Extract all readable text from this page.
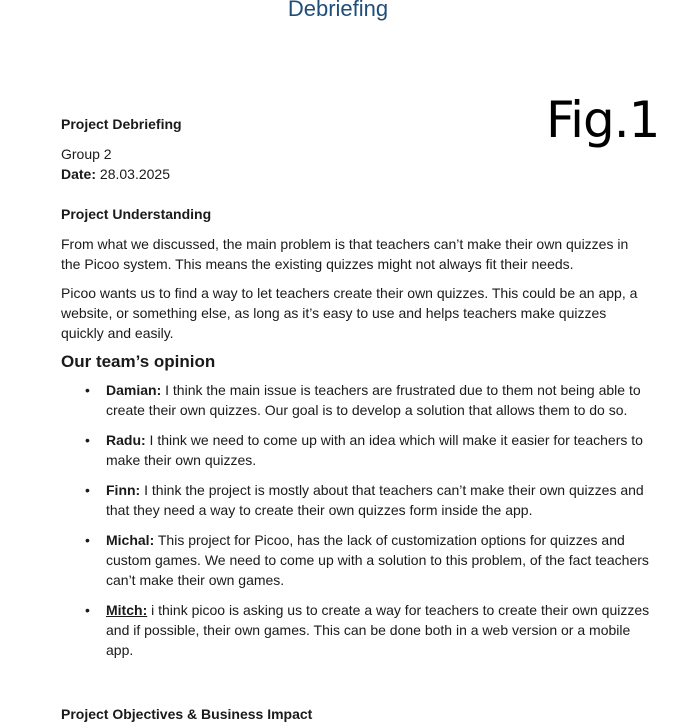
Debriefing
Fig.1

Project Debriefing

Group 2

Date: 28.03.2025

Project Understanding

From what we discussed, the main problem is that teachers can’t make their own quizzes in the Picoo system. This means the existing quizzes might not always fit their needs.

Picoo wants us to find a way to let teachers create their own quizzes. This could be an app, a website, or something else, as long as it’s easy to use and helps teachers make quizzes quickly and easily.

Our team’s opinion

• Damian: I think the main issue is teachers are frustrated due to them not being able to create their own quizzes. Our goal is to develop a solution that allows them to do so.
• Radu: I think we need to come up with an idea which will make it easier for teachers to make their own quizzes.
• Finn: I think the project is mostly about that teachers can’t make their own quizzes and that they need a way to create their own quizzes form inside the app.
• Michal: This project for Picoo, has the lack of customization options for quizzes and custom games. We need to come up with a solution to this problem, of the fact teachers can’t make their own games.
• Mitch: i think picoo is asking us to create a way for teachers to create their own quizzes and if possible, their own games. This can be done both in a web version or a mobile app.
Project Objectives & Business Impact
